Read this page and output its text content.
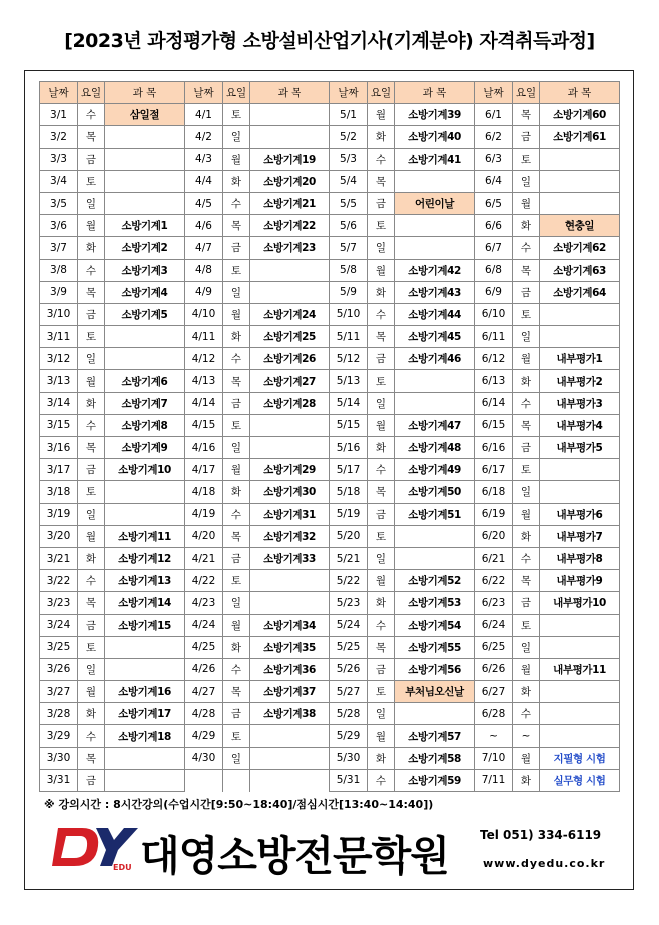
[2023년 과정평가형 소방설비산업기사(기계분야) 자격취득과정]
날짜	요일	과 목	날짜	요일	과 목	날짜	요일	과 목	날짜	요일	과 목
3/1	수	삼일절	4/1	토		5/1	월	소방기계39	6/1	목	소방기계60
3/2	목		4/2	일		5/2	화	소방기계40	6/2	금	소방기계61
3/3	금		4/3	월	소방기계19	5/3	수	소방기계41	6/3	토	
3/4	토		4/4	화	소방기계20	5/4	목		6/4	일	
3/5	일		4/5	수	소방기계21	5/5	금	어린이날	6/5	월	
3/6	월	소방기계1	4/6	목	소방기계22	5/6	토		6/6	화	현충일
3/7	화	소방기계2	4/7	금	소방기계23	5/7	일		6/7	수	소방기계62
3/8	수	소방기계3	4/8	토		5/8	월	소방기계42	6/8	목	소방기계63
3/9	목	소방기계4	4/9	일		5/9	화	소방기계43	6/9	금	소방기계64
3/10	금	소방기계5	4/10	월	소방기계24	5/10	수	소방기계44	6/10	토	
3/11	토		4/11	화	소방기계25	5/11	목	소방기계45	6/11	일	
3/12	일		4/12	수	소방기계26	5/12	금	소방기계46	6/12	월	내부평가1
3/13	월	소방기계6	4/13	목	소방기계27	5/13	토		6/13	화	내부평가2
3/14	화	소방기계7	4/14	금	소방기계28	5/14	일		6/14	수	내부평가3
3/15	수	소방기계8	4/15	토		5/15	월	소방기계47	6/15	목	내부평가4
3/16	목	소방기계9	4/16	일		5/16	화	소방기계48	6/16	금	내부평가5
3/17	금	소방기계10	4/17	월	소방기계29	5/17	수	소방기계49	6/17	토	
3/18	토		4/18	화	소방기계30	5/18	목	소방기계50	6/18	일	
3/19	일		4/19	수	소방기계31	5/19	금	소방기계51	6/19	월	내부평가6
3/20	월	소방기계11	4/20	목	소방기계32	5/20	토		6/20	화	내부평가7
3/21	화	소방기계12	4/21	금	소방기계33	5/21	일		6/21	수	내부평가8
3/22	수	소방기계13	4/22	토		5/22	월	소방기계52	6/22	목	내부평가9
3/23	목	소방기계14	4/23	일		5/23	화	소방기계53	6/23	금	내부평가10
3/24	금	소방기계15	4/24	월	소방기계34	5/24	수	소방기계54	6/24	토	
3/25	토		4/25	화	소방기계35	5/25	목	소방기계55	6/25	일	
3/26	일		4/26	수	소방기계36	5/26	금	소방기계56	6/26	월	내부평가11
3/27	월	소방기계16	4/27	목	소방기계37	5/27	토	부처님오신날	6/27	화	
3/28	화	소방기계17	4/28	금	소방기계38	5/28	일		6/28	수	
3/29	수	소방기계18	4/29	토		5/29	월	소방기계57	~	~	
3/30	목		4/30	일		5/30	화	소방기계58	7/10	월	지필형 시험
3/31	금					5/31	수	소방기계59	7/11	화	실무형 시험
※ 강의시간 : 8시간강의(수업시간[9:50~18:40]/점심시간[13:40~14:40])
EDU 대영소방전문학원	Tel 051) 334-6119
www.dyedu.co.kr
